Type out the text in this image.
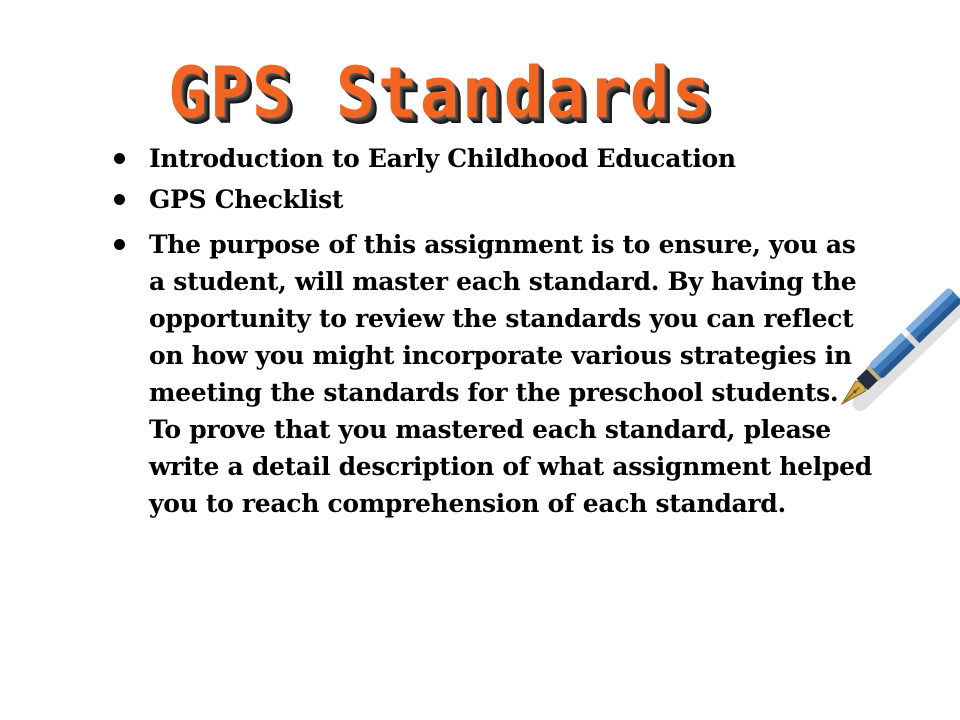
GPS Standards
Introduction to Early Childhood Education
GPS Checklist
The purpose of this assignment is to ensure, you as a student, will master each standard. By having the opportunity to review the standards you can reflect on how you might incorporate various strategies in meeting the standards for the preschool students. To prove that you mastered each standard, please write a detail description of what assignment helped you to reach comprehension of each standard.
